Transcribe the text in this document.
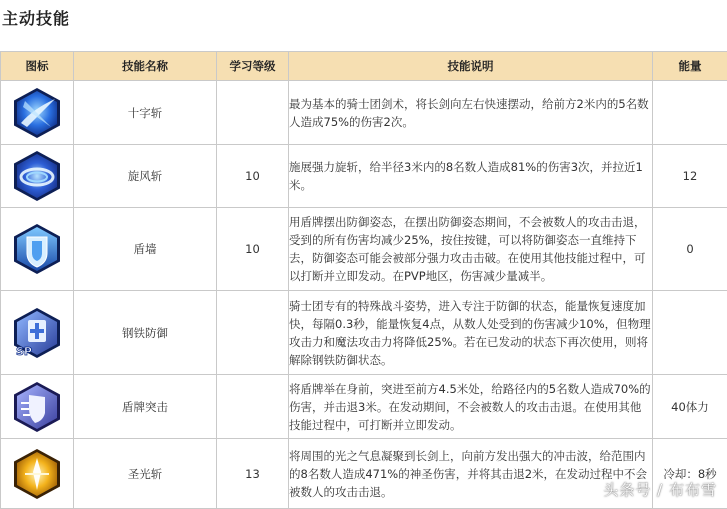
主动技能
图标	技能名称	学习等级	技能说明	能量

	十字斩		最为基本的骑士团剑术，将长剑向左右快速摆动，给前方2米内的5名数人造成75%的伤害2次。	

	旋风斩	10	施展强力旋斩，给半径3米内的8名数人造成81%的伤害3次，并拉近1米。	12

	盾墙	10	用盾牌摆出防御姿态，在摆出防御姿态期间，不会被数人的攻击击退，受到的所有伤害均减少25%，按住按键，可以将防御姿态一直维持下去，防御姿态可能会被部分强力攻击击破。在使用其他技能过程中，可以打断并立即发动。在PVP地区，伤害减少量减半。	0

SP	钢铁防御		骑士团专有的特殊战斗姿势，进入专注于防御的状态，能量恢复速度加快，每隔0.3秒，能量恢复4点，从数人处受到的伤害减少10%，但物理攻击力和魔法攻击力将降低25%。若在已发动的状态下再次使用，则将解除钢铁防御状态。	

	盾牌突击		将盾牌举在身前，突进至前方4.5米处，给路径内的5名数人造成70%的伤害，并击退3米。在发动期间，不会被数人的攻击击退。在使用其他技能过程中，可打断并立即发动。	40体力

	圣光斩	13	将周围的光之气息凝聚到长剑上，向前方发出强大的冲击波，给范围内的8名数人造成471%的神圣伤害，并将其击退2米，在发动过程中不会被数人的攻击击退。	冷却：8秒
头条号 / 布布雪
